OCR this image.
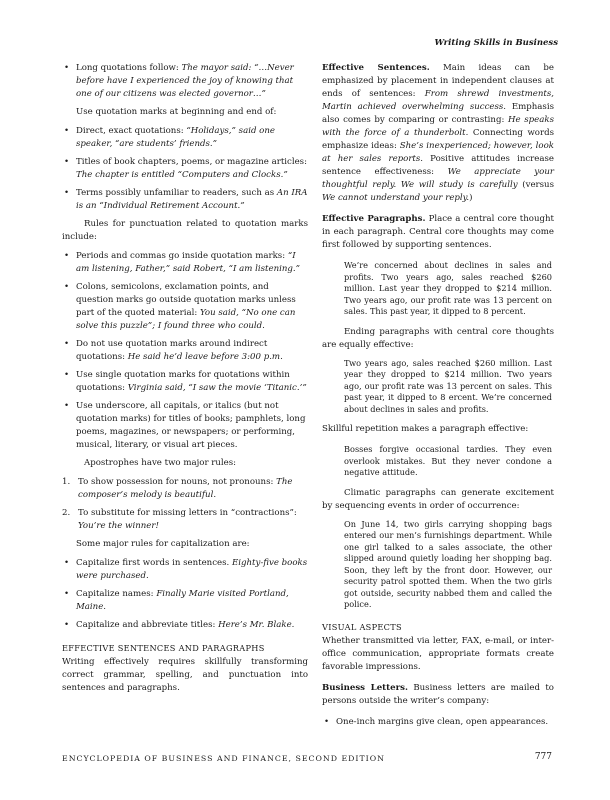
Writing Skills in Business
• Long quotations follow: The mayor said: “…Never before have I experienced the joy of knowing that one of our citizens was elected governor…”

Use quotation marks at beginning and end of:

• Direct, exact quotations: “Holidays,” said one speaker, “are students’ friends.”
• Titles of book chapters, poems, or magazine articles: The chapter is entitled “Computers and Clocks.”
• Terms possibly unfamiliar to readers, such as An IRA is an “Individual Retirement Account.”

Rules for punctuation related to quotation marks include:

• Periods and commas go inside quotation marks: “I am listening, Father,” said Robert, “I am listening.”
• Colons, semicolons, exclamation points, and question marks go outside quotation marks unless part of the quoted material: You said, “No one can solve this puzzle”; I found three who could.
• Do not use quotation marks around indirect quotations: He said he’d leave before 3:00 p.m.
• Use single quotation marks for quotations within quotations: Virginia said, “I saw the movie ‘Titanic.’”
• Use underscore, all capitals, or italics (but not quotation marks) for titles of books; pamphlets, long poems, magazines, or newspapers; or performing, musical, literary, or visual art pieces.

Apostrophes have two major rules:

1. To show possession for nouns, not pronouns: The composer’s melody is beautiful.
2. To substitute for missing letters in “contractions”: You’re the winner!

Some major rules for capitalization are:

• Capitalize first words in sentences. Eighty-five books were purchased.
• Capitalize names: Finally Marie visited Portland, Maine.
• Capitalize and abbreviate titles: Here’s Mr. Blake.
EFFECTIVE SENTENCES AND PARAGRAPHS

Writing effectively requires skillfully transforming correct grammar, spelling, and punctuation into sentences and paragraphs.

Effective Sentences. Main ideas can be emphasized by placement in independent clauses at ends of sentences: From shrewd investments, Martin achieved overwhelming success. Emphasis also comes by comparing or contrasting: He speaks with the force of a thunderbolt. Connecting words emphasize ideas: She’s inexperienced; however, look at her sales reports. Positive attitudes increase sentence effectiveness: We appreciate your thoughtful reply. We will study is carefully (versus We cannot understand your reply.)

Effective Paragraphs. Place a central core thought in each paragraph. Central core thoughts may come first followed by supporting sentences.

We’re concerned about declines in sales and profits. Two years ago, sales reached $260 million. Last year they dropped to $214 million. Two years ago, our profit rate was 13 percent on sales. This past year, it dipped to 8 percent.

Ending paragraphs with central core thoughts are equally effective:

Two years ago, sales reached $260 million. Last year they dropped to $214 million. Two years ago, our profit rate was 13 percent on sales. This past year, it dipped to 8 ercent. We’re concerned about declines in sales and profits.

Skillful repetition makes a paragraph effective:

Bosses forgive occasional tardies. They even overlook mistakes. But they never condone a negative attitude.

Climatic paragraphs can generate excitement by sequencing events in order of occurrence:

On June 14, two girls carrying shopping bags entered our men’s furnishings department. While one girl talked to a sales associate, the other slipped around quietly loading her shopping bag. Soon, they left by the front door. However, our security patrol spotted them. When the two girls got outside, security nabbed them and called the police.

VISUAL ASPECTS

Whether transmitted via letter, FAX, e-mail, or inter-office communication, appropriate formats create favorable impressions.

Business Letters. Business letters are mailed to persons outside the writer’s company:

• One-inch margins give clean, open appearances.
ENCYCLOPEDIA OF BUSINESS AND FINANCE, SECOND EDITION	777
